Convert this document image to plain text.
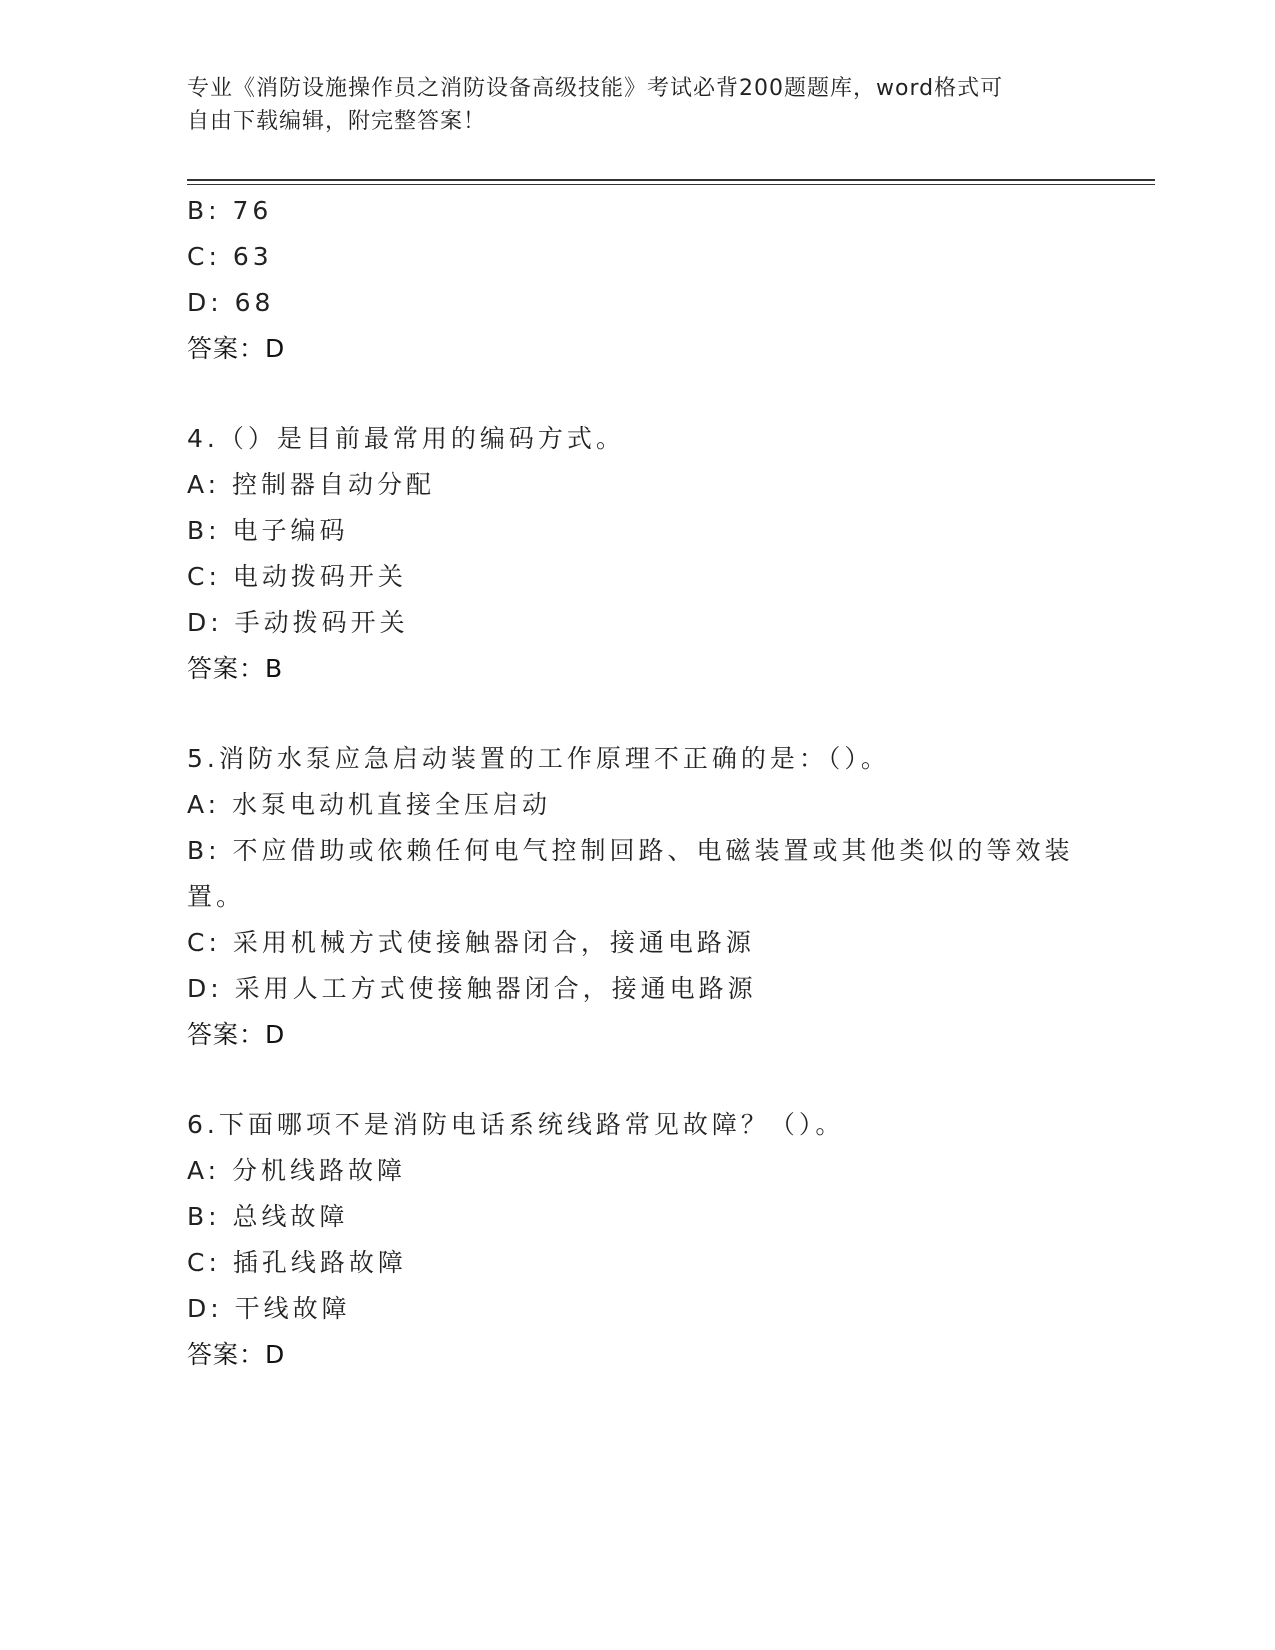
专业《消防设施操作员之消防设备高级技能》考试必背200题题库，word格式可
自由下载编辑，附完整答案！
B: 76
C: 63
D: 68
答案：D
4.（）是目前最常用的编码方式。
A: 控制器自动分配
B: 电子编码
C: 电动拨码开关
D: 手动拨码开关
答案：B
5.消防水泵应急启动装置的工作原理不正确的是：（）。
A: 水泵电动机直接全压启动
B: 不应借助或依赖任何电气控制回路、电磁装置或其他类似的等效装
置。
C: 采用机械方式使接触器闭合，接通电路源
D: 采用人工方式使接触器闭合，接通电路源
答案：D
6.下面哪项不是消防电话系统线路常见故障？（）。
A: 分机线路故障
B: 总线故障
C: 插孔线路故障
D: 干线故障
答案：D
